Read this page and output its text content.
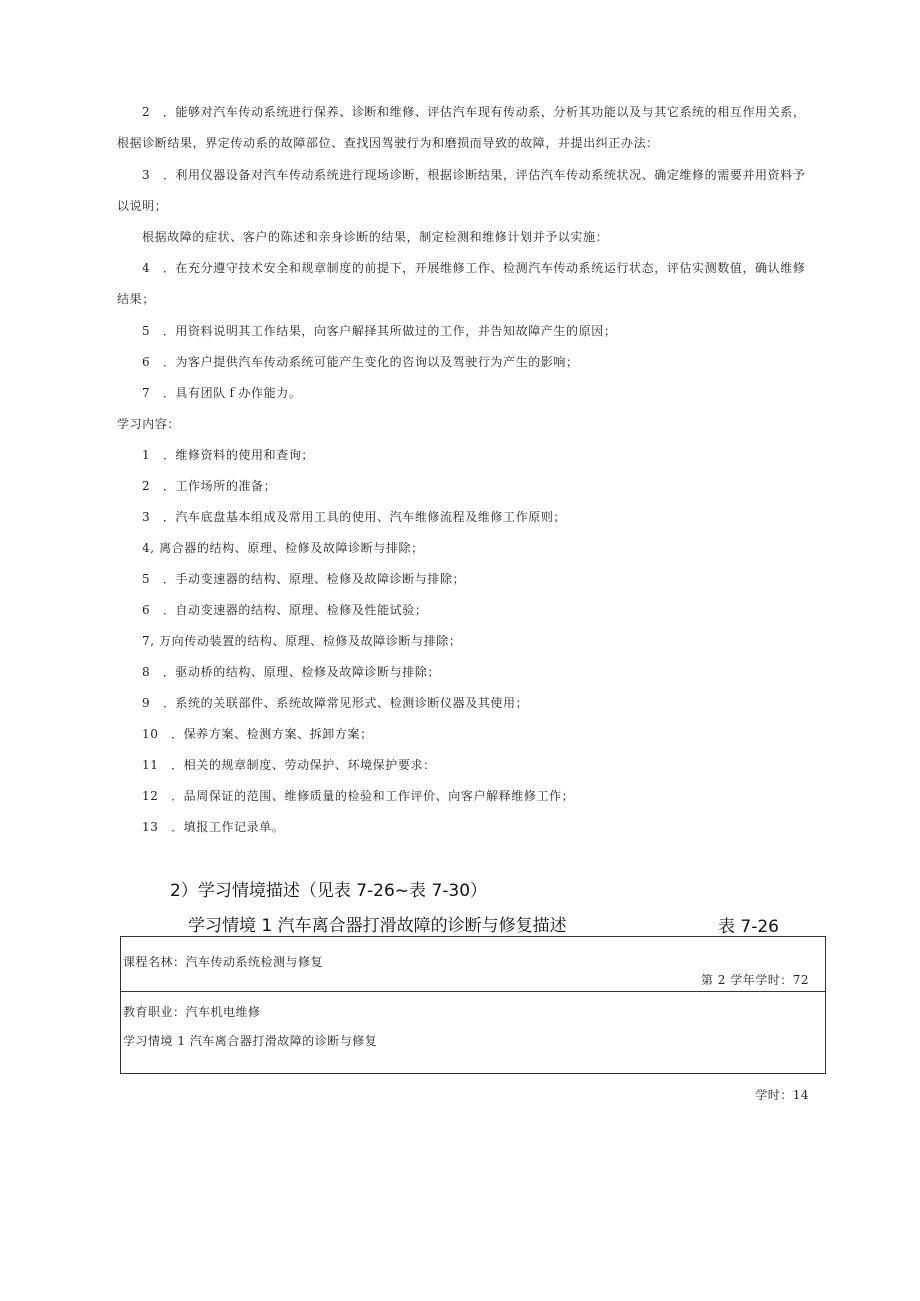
2　．能够对汽车传动系统进行保养、诊断和维修、评估汽车现有传动系，分析其功能以及与其它系统的相互作用关系，
根据诊断结果，界定传动系的故障部位、查找因驾驶行为和磨损而导致的故障，并提出纠正办法：
3　．利用仪器设备对汽车传动系统进行现场诊断，根据诊断结果，评估汽车传动系统状况、确定维修的需要并用资料予
以说明；
根据故障的症状、客户的陈述和亲身诊断的结果，制定检测和维修计划并予以实施：
4　．在充分遵守技术安全和规章制度的前提下，开展维修工作、检测汽车传动系统运行状态，评估实测数值，确认维修
结果；
5　．用资料说明其工作结果，向客户解择其所做过的工作，并告知故障产生的原因；
6　．为客户提供汽车传动系统可能产生变化的咨询以及驾驶行为产生的影响；
7　．具有团队ｆ办作能力。
学习内容：
1　．维修资料的使用和查询；
2　．工作场所的准备；
3　．汽车底盘基本组成及常用工具的使用、汽车维修流程及维修工作原则；
4, 离合器的结构、原理、检修及故障诊断与排除；
5　．手动变速器的结构、原理、检修及故障诊断与排除；
6　．自动变速器的结构、原理、检修及性能试验；
7, 万向传动装置的结构、原理、检修及故障诊断与排除；
8　．驱动桥的结构、原理、检修及故障诊断与排除；
9　．系统的关联部件、系统故障常见形式、检测诊断仪器及其使用；
10　．保养方案、检测方案、拆卸方案；
11　．相关的规章制度、劳动保护、环境保护要求：
12　．品周保证的范围、维修质量的检验和工作评价、向客户解释维修工作；
13　．填报工作记录单。
2）学习情境描述（见表 7-26~表 7-30）
学习情境 1 汽车离合器打滑故障的诊断与修复描述	表 7-26
课程名林：汽车传动系统检测与修复
第 2 学年学时：72
教育职业：汽车机电维修
学习情境 1 汽车离合器打滑故障的诊断与修复
学时：14
